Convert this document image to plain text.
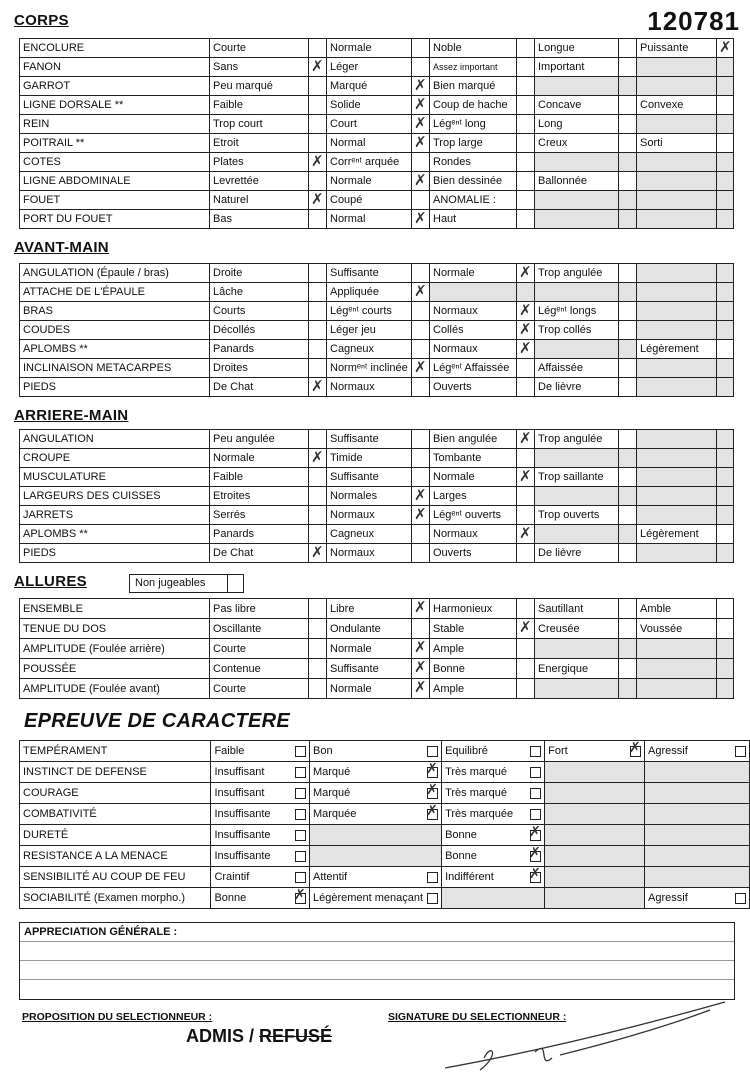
CORPS	120781
ENCOLURE	Courte		Normale		Noble		Longue		Puissante	✗

FANON	Sans	✗	Léger		Assez important		Important			
GARROT	Peu marqué		Marqué	✗	Bien marqué					
LIGNE DORSALE **	Faible		Solide	✗	Coup de hache		Concave		Convexe	
REIN	Trop court		Court	✗	Légᵉⁿᵗ long		Long			
POITRAIL **	Etroit		Normal	✗	Trop large		Creux		Sorti	
COTES	Plates	✗	Corrᵉⁿᵗ arquée		Rondes					
LIGNE ABDOMINALE	Levrettée		Normale	✗	Bien dessinée		Ballonnée			
FOUET	Naturel	✗	Coupé		ANOMALIE :					
PORT DU FOUET	Bas		Normal	✗	Haut					
AVANT-MAIN
ANGULATION (Épaule / bras)	Droite		Suffisante		Normale	✗	Trop angulée			
ATTACHE DE L'ÉPAULE	Lâche		Appliquée	✗						

BRAS	Courts		Légᵉⁿᵗ courts		Normaux	✗	Légᵉⁿᵗ longs			
COUDES	Décollés		Léger jeu		Collés	✗	Trop collés			
APLOMBS **	Panards		Cagneux		Normaux	✗			Légèrement	
INCLINAISON METACARPES	Droites		Normᵉⁿᵗ inclinée	✗	Légᵉⁿᵗ Affaissée		Affaissée			
PIEDS	De Chat	✗	Normaux		Ouverts		De lièvre			
ARRIERE-MAIN
ANGULATION	Peu angulée		Suffisante		Bien angulée	✗	Trop angulée			
CROUPE	Normale	✗	Timide		Tombante					
MUSCULATURE	Faible		Suffisante		Normale	✗	Trop saillante			
LARGEURS DES CUISSES	Etroites		Normales	✗	Larges					
JARRETS	Serrés		Normaux	✗	Légᵉⁿᵗ ouverts		Trop ouverts			
APLOMBS **	Panards		Cagneux		Normaux	✗			Légèrement	
PIEDS	De Chat	✗	Normaux		Ouverts		De lièvre			
ALLURES	Non jugeables
ENSEMBLE	Pas libre		Libre	✗	Harmonieux		Sautillant		Amble	
TENUE DU DOS	Oscillante		Ondulante		Stable	✗	Creusée		Voussée	
AMPLITUDE (Foulée arrière)	Courte		Normale	✗	Ample					
POUSSÉE	Contenue		Suffisante	✗	Bonne		Energique			
AMPLITUDE (Foulée avant)	Courte		Normale	✗	Ample					
EPREUVE DE CARACTERE
TEMPÉRAMENT	Faible	Bon	Equilibré	Fort ✗	Agressif

INSTINCT DE DEFENSE	Insuffisant	Marqué ✗	Très marqué		

COURAGE	Insuffisant	Marqué ✗	Très marqué		

COMBATIVITÉ	Insuffisante	Marquée ✗	Très marquée		

DURETÉ	Insuffisante		Bonne ✗		

RESISTANCE A LA MENACE	Insuffisante		Bonne ✗		

SENSIBILITÉ AU COUP DE FEU	Craintif	Attentif	Indifférent ✗		

SOCIABILITÉ (Examen morpho.)	Bonne ✗	Légèrement menaçant			Agressif
APPRECIATION GÉNÉRALE :
PROPOSITION DU SELECTIONNEUR :	SIGNATURE DU SELECTIONNEUR :
ADMIS / REFUSÉ
